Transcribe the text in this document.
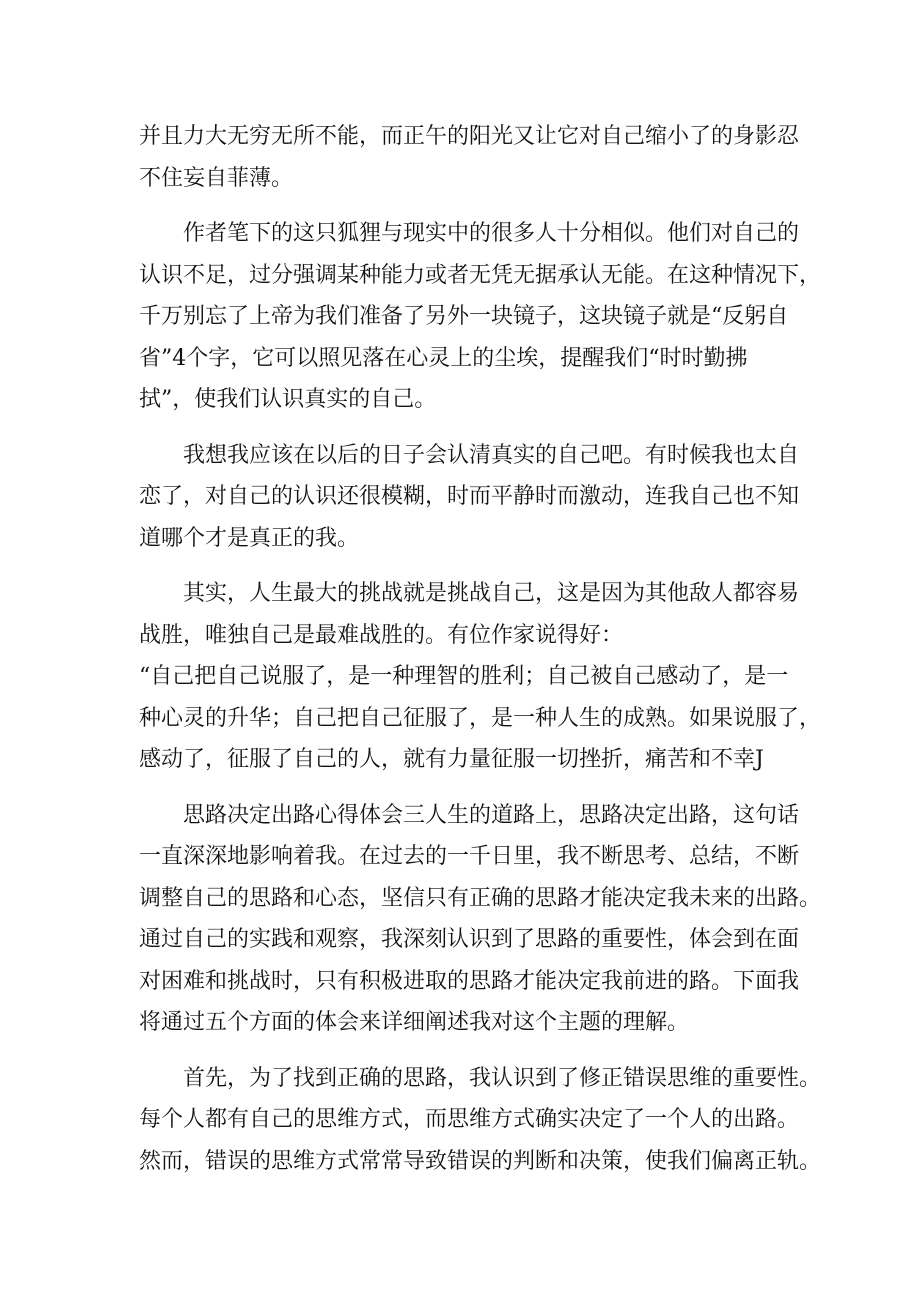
并且力大无穷无所不能，而正午的阳光又让它对自己缩小了的身影忍
不住妄自菲薄。
作者笔下的这只狐狸与现实中的很多人十分相似。他们对自己的
认识不足，过分强调某种能力或者无凭无据承认无能。在这种情况下，
千万别忘了上帝为我们准备了另外一块镜子，这块镜子就是“反躬自
省”4个字，它可以照见落在心灵上的尘埃，提醒我们“时时勤拂
拭”，使我们认识真实的自己。
我想我应该在以后的日子会认清真实的自己吧。有时候我也太自
恋了，对自己的认识还很模糊，时而平静时而激动，连我自己也不知
道哪个才是真正的我。
其实，人生最大的挑战就是挑战自己，这是因为其他敌人都容易
战胜，唯独自己是最难战胜的。有位作家说得好：
“自己把自己说服了，是一种理智的胜利；自己被自己感动了，是一
种心灵的升华；自己把自己征服了，是一种人生的成熟。如果说服了，
感动了，征服了自己的人，就有力量征服一切挫折，痛苦和不幸J
思路决定出路心得体会三人生的道路上，思路决定出路，这句话
一直深深地影响着我。在过去的一千日里，我不断思考、总结，不断
调整自己的思路和心态，坚信只有正确的思路才能决定我未来的出路。
通过自己的实践和观察，我深刻认识到了思路的重要性，体会到在面
对困难和挑战时，只有积极进取的思路才能决定我前进的路。下面我
将通过五个方面的体会来详细阐述我对这个主题的理解。
首先，为了找到正确的思路，我认识到了修正错误思维的重要性。
每个人都有自己的思维方式，而思维方式确实决定了一个人的出路。
然而，错误的思维方式常常导致错误的判断和决策，使我们偏离正轨。
